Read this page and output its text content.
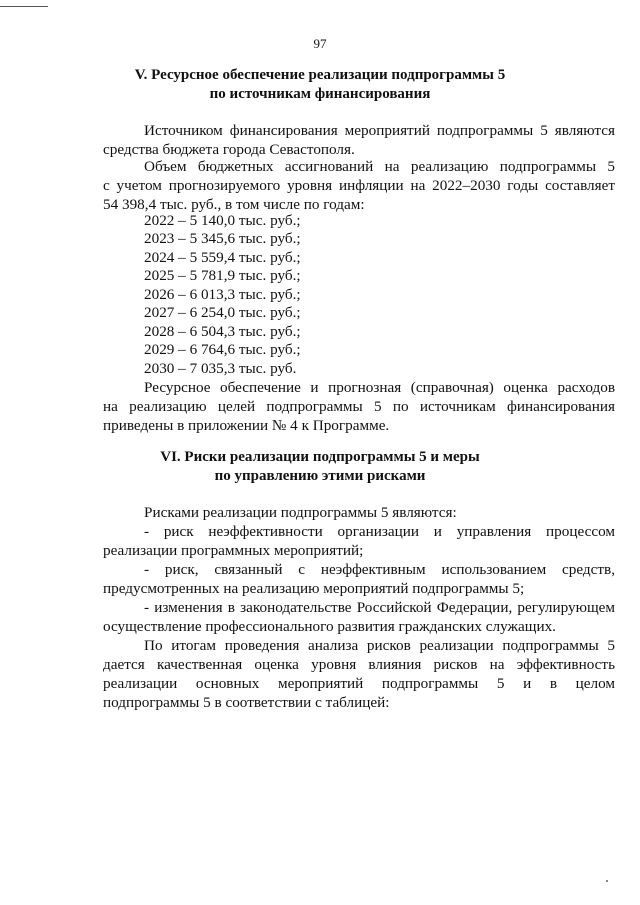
97
V. Ресурсное обеспечение реализации подпрограммы 5
по источникам финансирования
Источником финансирования мероприятий подпрограммы 5 являются
средства бюджета города Севастополя.
Объем бюджетных ассигнований на реализацию подпрограммы 5
с учетом прогнозируемого уровня инфляции на 2022–2030 годы составляет
54 398,4 тыс. руб., в том числе по годам:
2022 – 5 140,0 тыс. руб.;
2023 – 5 345,6 тыс. руб.;
2024 – 5 559,4 тыс. руб.;
2025 – 5 781,9 тыс. руб.;
2026 – 6 013,3 тыс. руб.;
2027 – 6 254,0 тыс. руб.;
2028 – 6 504,3 тыс. руб.;
2029 – 6 764,6 тыс. руб.;
2030 – 7 035,3 тыс. руб.
Ресурсное обеспечение и прогнозная (справочная) оценка расходов
на реализацию целей подпрограммы 5 по источникам финансирования
приведены в приложении № 4 к Программе.
VI. Риски реализации подпрограммы 5 и меры
по управлению этими рисками
Рисками реализации подпрограммы 5 являются:
- риск неэффективности организации и управления процессом
реализации программных мероприятий;
- риск, связанный с неэффективным использованием средств,
предусмотренных на реализацию мероприятий подпрограммы 5;
- изменения в законодательстве Российской Федерации, регулирующем
осуществление профессионального развития гражданских служащих.
По итогам проведения анализа рисков реализации подпрограммы 5
дается качественная оценка уровня влияния рисков на эффективность
реализации основных мероприятий подпрограммы 5 и в целом
подпрограммы 5 в соответствии с таблицей:
